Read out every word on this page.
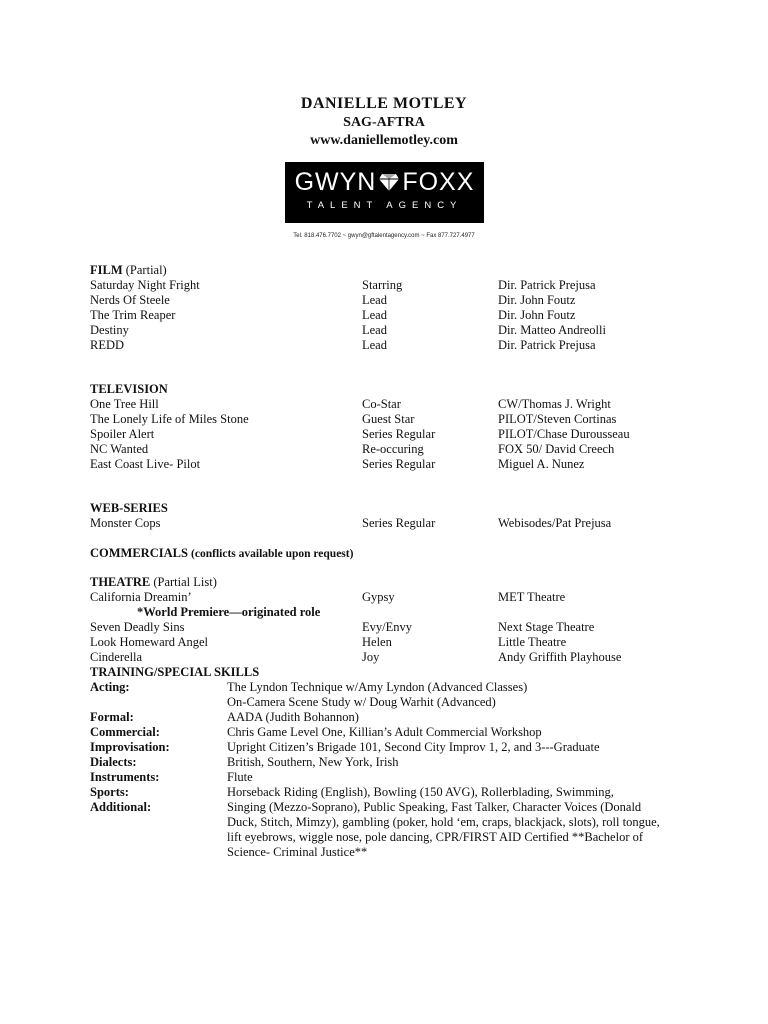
DANIELLE MOTLEY
SAG-AFTRA
www.daniellemotley.com
GWYN FOXX
TALENT AGENCY
Tel. 818.476.7702 ~ gwyn@gftalentagency.com ~ Fax 877.727.4977
FILM (Partial)
Saturday Night Fright	Starring	Dir. Patrick Prejusa
Nerds Of Steele	Lead	Dir. John Foutz
The Trim Reaper	Lead	Dir. John Foutz
Destiny	Lead	Dir. Matteo Andreolli
REDD	Lead	Dir. Patrick Prejusa
TELEVISION
One Tree Hill	Co-Star	CW/Thomas J. Wright
The Lonely Life of Miles Stone	Guest Star	PILOT/Steven Cortinas
Spoiler Alert	Series Regular	PILOT/Chase Durousseau
NC Wanted	Re-occuring	FOX 50/ David Creech
East Coast Live- Pilot	Series Regular	Miguel A. Nunez
WEB-SERIES
Monster Cops	Series Regular	Webisodes/Pat Prejusa
COMMERCIALS (conflicts available upon request)
THEATRE (Partial List)
California Dreamin’	Gypsy	MET Theatre
*World Premiere—originated role
Seven Deadly Sins	Evy/Envy	Next Stage Theatre
Look Homeward Angel	Helen	Little Theatre
Cinderella	Joy	Andy Griffith Playhouse
TRAINING/SPECIAL SKILLS
Acting:	The Lyndon Technique w/Amy Lyndon (Advanced Classes)
On-Camera Scene Study w/ Doug Warhit (Advanced)
Formal:	AADA (Judith Bohannon)
Commercial:	Chris Game Level One, Killian’s Adult Commercial Workshop
Improvisation:	Upright Citizen’s Brigade 101, Second City Improv 1, 2, and 3---Graduate
Dialects:	British, Southern, New York, Irish
Instruments:	Flute
Sports:	Horseback Riding (English), Bowling (150 AVG), Rollerblading, Swimming,
Additional:	Singing (Mezzo-Soprano), Public Speaking, Fast Talker, Character Voices (Donald
Duck, Stitch, Mimzy), gambling (poker, hold ‘em, craps, blackjack, slots), roll tongue,
lift eyebrows, wiggle nose, pole dancing, CPR/FIRST AID Certified **Bachelor of
Science- Criminal Justice**
